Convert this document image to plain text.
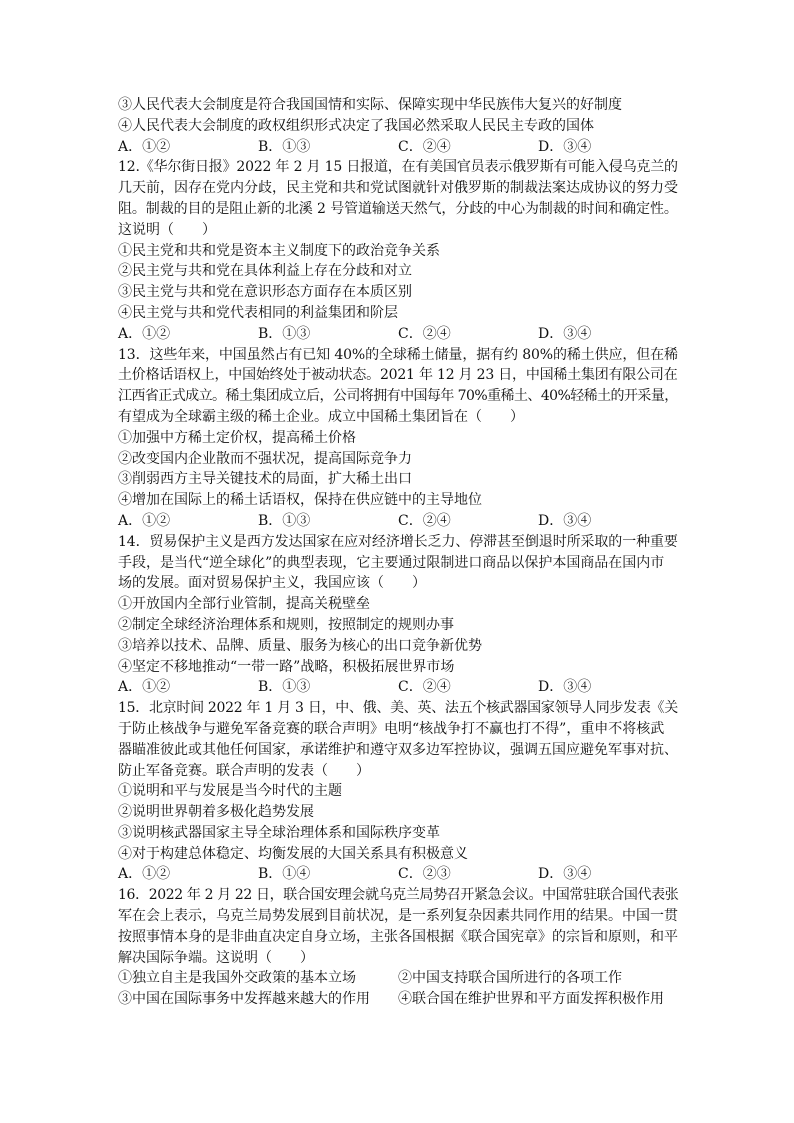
③人民代表大会制度是符合我国国情和实际、保障实现中华民族伟大复兴的好制度
④人民代表大会制度的政权组织形式决定了我国必然采取人民民主专政的国体
A．①②	B．①③	C．②④	D．③④
12.《华尔街日报》2022 年 2 月 15 日报道，在有美国官员表示俄罗斯有可能入侵乌克兰的
几天前，因存在党内分歧，民主党和共和党试图就针对俄罗斯的制裁法案达成协议的努力受
阻。制裁的目的是阻止新的北溪 2 号管道输送天然气，分歧的中心为制裁的时间和确定性。
这说明（　　）
①民主党和共和党是资本主义制度下的政治竞争关系
②民主党与共和党在具体利益上存在分歧和对立
③民主党与共和党在意识形态方面存在本质区别
④民主党与共和党代表相同的利益集团和阶层
A．①②	B．①③	C．②④	D．③④
13．这些年来，中国虽然占有已知 40%的全球稀土储量，据有约 80%的稀土供应，但在稀
土价格话语权上，中国始终处于被动状态。2021 年 12 月 23 日，中国稀土集团有限公司在
江西省正式成立。稀土集团成立后，公司将拥有中国每年 70%重稀土、40%轻稀土的开采量，
有望成为全球霸主级的稀土企业。成立中国稀土集团旨在（　　）
①加强中方稀土定价权，提高稀土价格
②改变国内企业散而不强状况，提高国际竞争力
③削弱西方主导关键技术的局面，扩大稀土出口
④增加在国际上的稀土话语权，保持在供应链中的主导地位
A．①②	B．①③	C．②④	D．③④
14．贸易保护主义是西方发达国家在应对经济增长乏力、停滞甚至倒退时所采取的一种重要
手段，是当代“逆全球化”的典型表现，它主要通过限制进口商品以保护本国商品在国内市
场的发展。面对贸易保护主义，我国应该（　　）
①开放国内全部行业管制，提高关税壁垒
②制定全球经济治理体系和规则，按照制定的规则办事
③培养以技术、品牌、质量、服务为核心的出口竞争新优势
④坚定不移地推动“一带一路”战略，积极拓展世界市场
A．①②	B．①③	C．②④	D．③④
15．北京时间 2022 年 1 月 3 日，中、俄、美、英、法五个核武器国家领导人同步发表《关
于防止核战争与避免军备竞赛的联合声明》电明“核战争打不赢也打不得”，重申不将核武
器瞄准彼此或其他任何国家，承诺维护和遵守双多边军控协议，强调五国应避免军事对抗、
防止军备竞赛。联合声明的发表（　　）
①说明和平与发展是当今时代的主题
②说明世界朝着多极化趋势发展
③说明核武器国家主导全球治理体系和国际秩序变革
④对于构建总体稳定、均衡发展的大国关系具有积极意义
A．①②	B．①④	C．②③	D．③④
16．2022 年 2 月 22 日，联合国安理会就乌克兰局势召开紧急会议。中国常驻联合国代表张
军在会上表示，乌克兰局势发展到目前状况，是一系列复杂因素共同作用的结果。中国一贯
按照事情本身的是非曲直决定自身立场，主张各国根据《联合国宪章》的宗旨和原则，和平
解决国际争端。这说明（　　）
①独立自主是我国外交政策的基本立场	②中国支持联合国所进行的各项工作
③中国在国际事务中发挥越来越大的作用	④联合国在维护世界和平方面发挥积极作用
